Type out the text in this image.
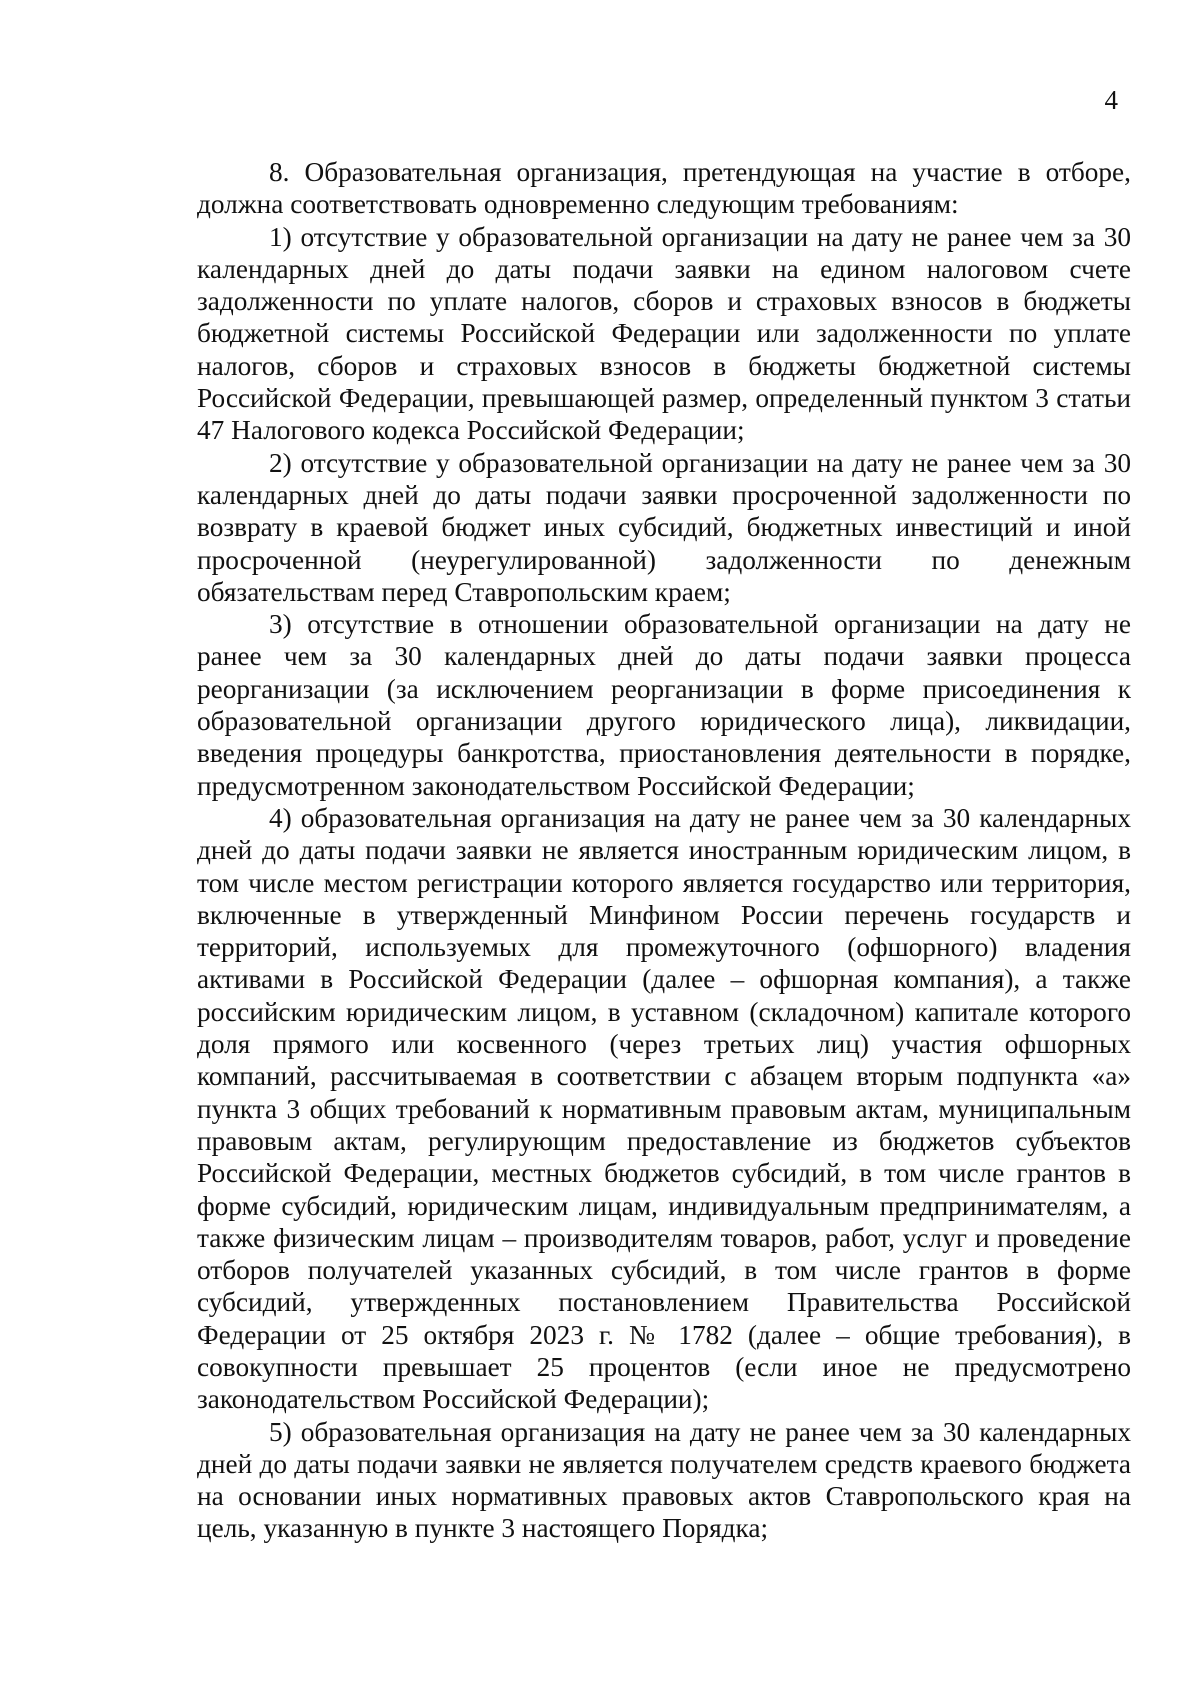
4

8. Образовательная организация, претендующая на участие в отборе, должна соответствовать одновременно следующим требованиям:

1) отсутствие у образовательной организации на дату не ранее чем за 30 календарных дней до даты подачи заявки на едином налоговом счете задолженности по уплате налогов, сборов и страховых взносов в бюджеты бюджетной системы Российской Федерации или задолженности по уплате налогов, сборов и страховых взносов в бюджеты бюджетной системы Российской Федерации, превышающей размер, определенный пунктом 3 статьи 47 Налогового кодекса Российской Федерации;

2) отсутствие у образовательной организации на дату не ранее чем за 30 календарных дней до даты подачи заявки просроченной задолженности по возврату в краевой бюджет иных субсидий, бюджетных инвестиций и иной просроченной (неурегулированной) задолженности по денежным обязательствам перед Ставропольским краем;

3) отсутствие в отношении образовательной организации на дату не ранее чем за 30 календарных дней до даты подачи заявки процесса реорганизации (за исключением реорганизации в форме присоединения к образовательной организации другого юридического лица), ликвидации, введения процедуры банкротства, приостановления деятельности в порядке, предусмотренном законодательством Российской Федерации;

4) образовательная организация на дату не ранее чем за 30 календарных дней до даты подачи заявки не является иностранным юридическим лицом, в том числе местом регистрации которого является государство или территория, включенные в утвержденный Минфином России перечень государств и территорий, используемых для промежуточного (офшорного) владения активами в Российской Федерации (далее – офшорная компания), а также российским юридическим лицом, в уставном (складочном) капитале которого доля прямого или косвенного (через третьих лиц) участия офшорных компаний, рассчитываемая в соответствии с абзацем вторым подпункта «а» пункта 3 общих требований к нормативным правовым актам, муниципальным правовым актам, регулирующим предоставление из бюджетов субъектов Российской Федерации, местных бюджетов субсидий, в том числе грантов в форме субсидий, юридическим лицам, индивидуальным предпринимателям, а также физическим лицам – производителям товаров, работ, услуг и проведение отборов получателей указанных субсидий, в том числе грантов в форме субсидий, утвержденных постановлением Правительства Российской Федерации от 25 октября 2023 г. № 1782 (далее – общие требования), в совокупности превышает 25 процентов (если иное не предусмотрено законодательством Российской Федерации);

5) образовательная организация на дату не ранее чем за 30 календарных дней до даты подачи заявки не является получателем средств краевого бюджета на основании иных нормативных правовых актов Ставропольского края на цель, указанную в пункте 3 настоящего Порядка;
